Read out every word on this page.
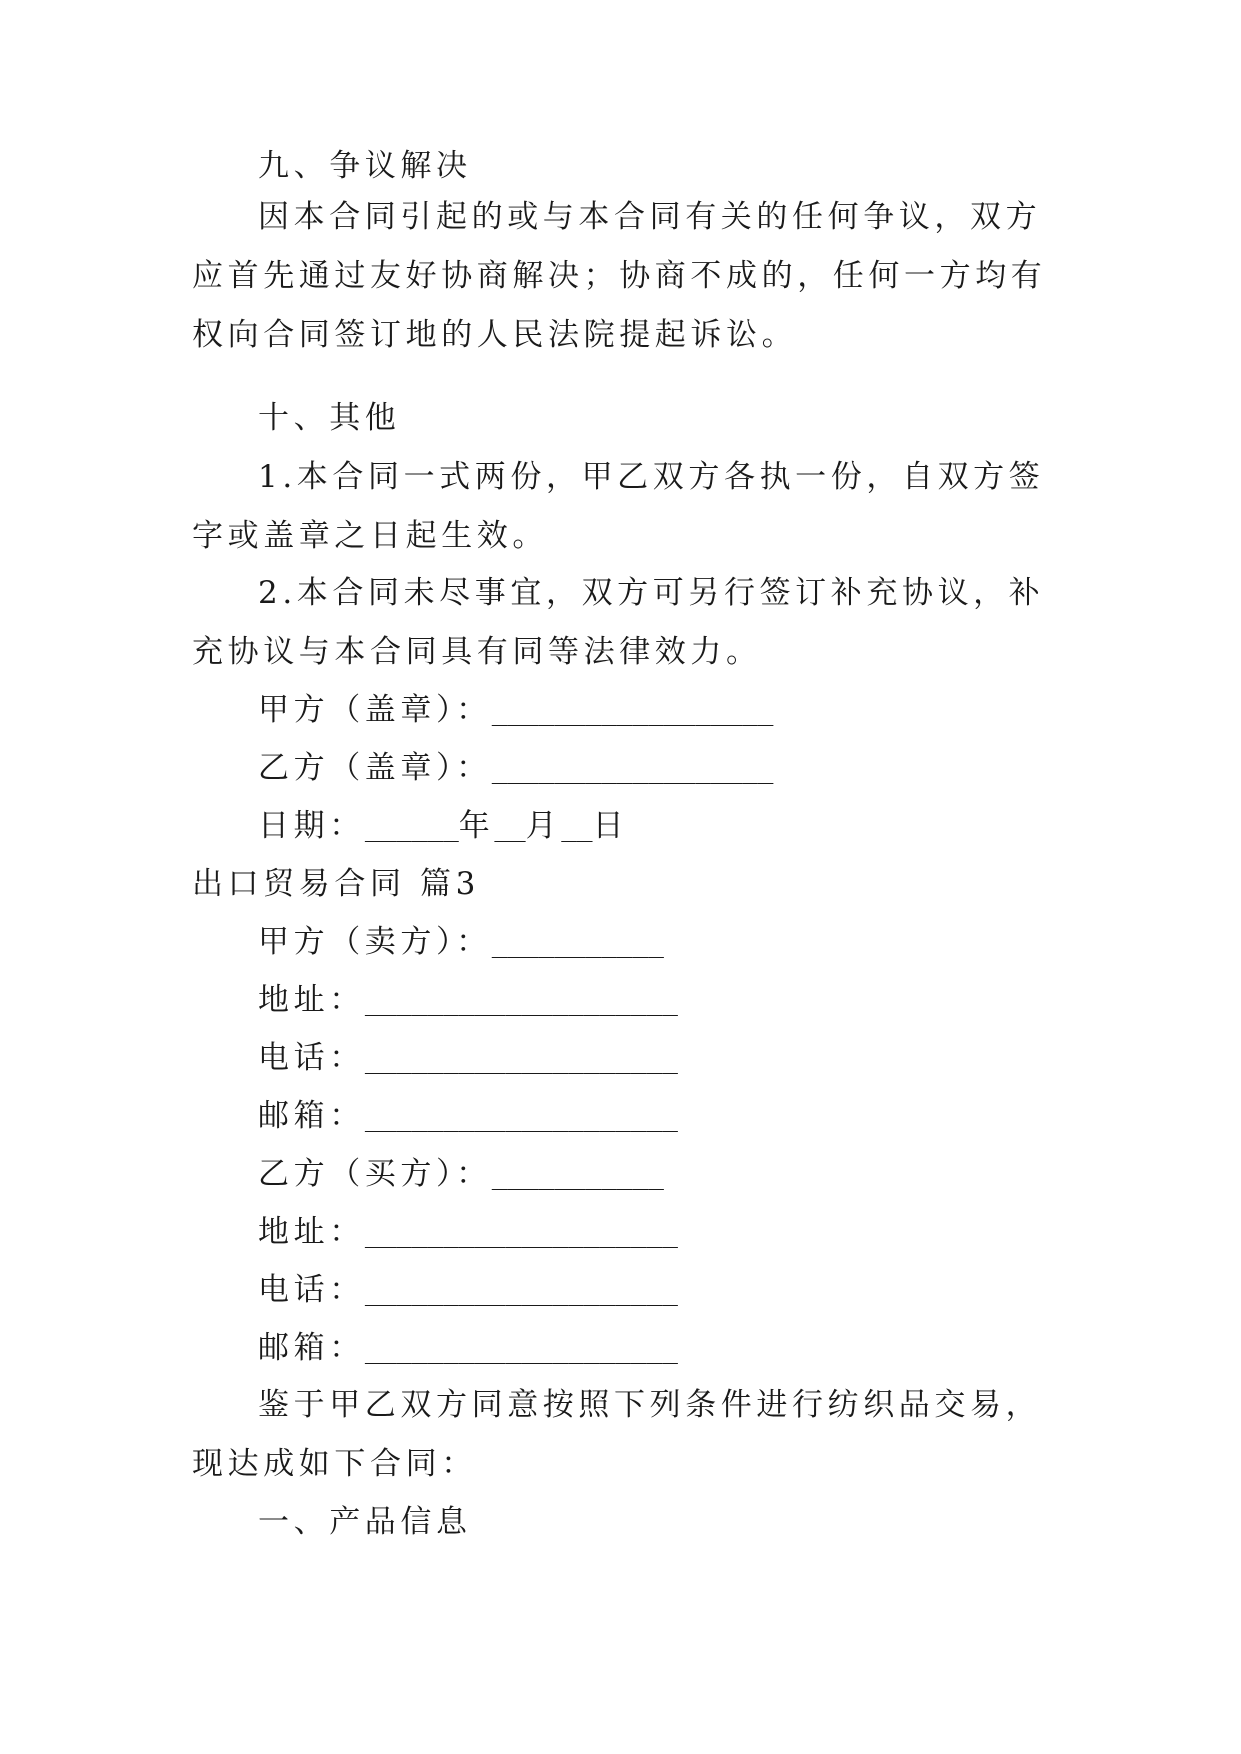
九、争议解决

因本合同引起的或与本合同有关的任何争议，双方应首先通过友好协商解决；协商不成的，任何一方均有权向合同签订地的人民法院提起诉讼。

十、其他

1.本合同一式两份，甲乙双方各执一份，自双方签字或盖章之日起生效。

2.本合同未尽事宜，双方可另行签订补充协议，补充协议与本合同具有同等法律效力。

甲方（盖章）：__________________
乙方（盖章）：__________________
日期：______年__月__日
出口贸易合同 篇3
甲方（卖方）：___________
地址：____________________
电话：____________________
邮箱：____________________
乙方（买方）：___________
地址：____________________
电话：____________________
邮箱：____________________

鉴于甲乙双方同意按照下列条件进行纺织品交易，现达成如下合同：

一、产品信息
